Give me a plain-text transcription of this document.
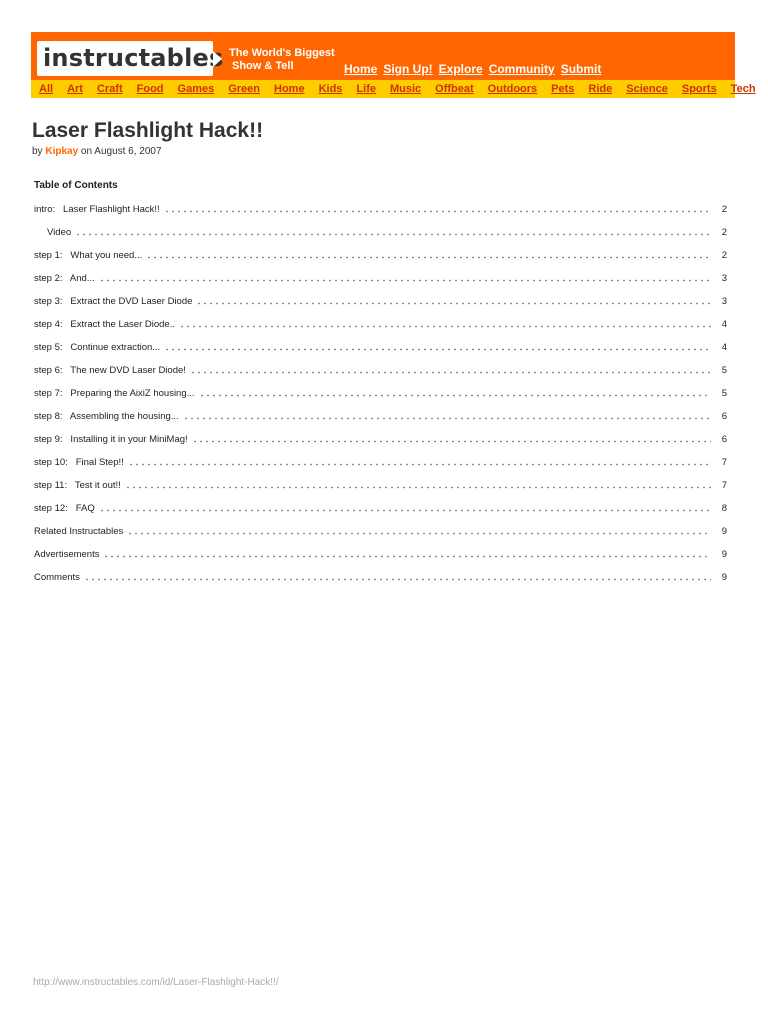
instructables The World's Biggest
Show & Tell	Home Sign Up! Explore Community Submit
All Art Craft Food Games Green Home Kids Life Music Offbeat Outdoors Pets Ride Science Sports Tech
Laser Flashlight Hack!!
by Kipkay on August 6, 2007
Table of Contents
intro:   Laser Flashlight Hack!!	2
Video	2
step 1:   What you need...	2
step 2:   And...	3
step 3:   Extract the DVD Laser Diode	3
step 4:   Extract the Laser Diode..	4
step 5:   Continue extraction...	4
step 6:   The new DVD Laser Diode!	5
step 7:   Preparing the AixiZ housing...	5
step 8:   Assembling the housing...	6
step 9:   Installing it in your MiniMag!	6
step 10:   Final Step!!	7
step 11:   Test it out!!	7
step 12:   FAQ	8
Related Instructables	9
Advertisements	9
Comments	9
http://www.instructables.com/id/Laser-Flashlight-Hack!!/
